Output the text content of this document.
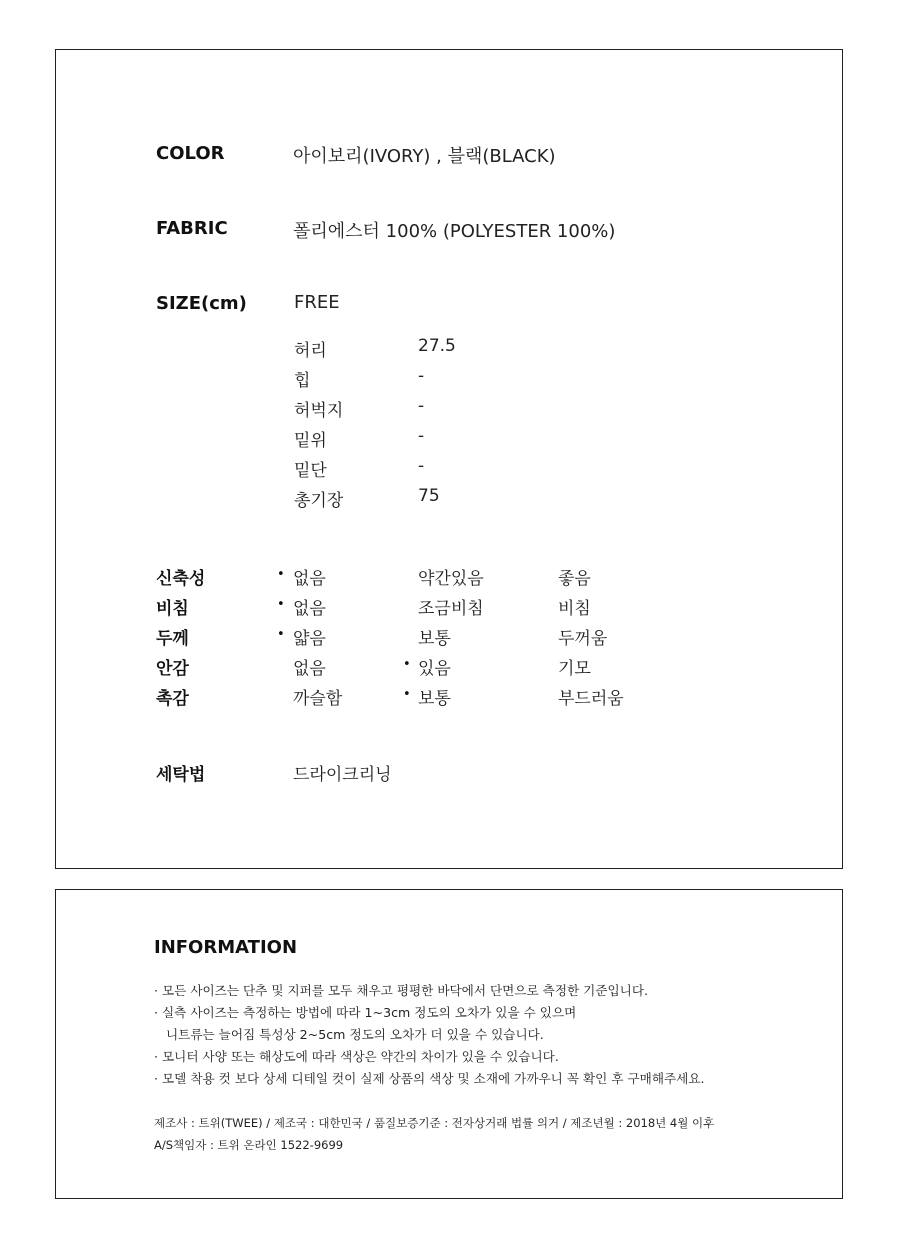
COLOR	아이보리(IVORY) , 블랙(BLACK)
FABRIC	폴리에스터 100% (POLYESTER 100%)
SIZE(cm)	FREE
허리	27.5
힙	-
허벅지	-
밑위	-
밑단	-
총기장	75
신축성	• 없음	약간있음	좋음
비침	• 없음	조금비침	비침
두께	• 얇음	보통	두꺼움
안감	없음	• 있음	기모
촉감	까슬함	• 보통	부드러움
세탁법	드라이크리닝
INFORMATION
· 모든 사이즈는 단추 및 지퍼를 모두 채우고 평평한 바닥에서 단면으로 측정한 기준입니다.
· 실측 사이즈는 측정하는 방법에 따라 1~3cm 정도의 오차가 있을 수 있으며
니트류는 늘어짐 특성상 2~5cm 정도의 오차가 더 있을 수 있습니다.
· 모니터 사양 또는 해상도에 따라 색상은 약간의 차이가 있을 수 있습니다.
· 모델 착용 컷 보다 상세 디테일 컷이 실제 상품의 색상 및 소재에 가까우니 꼭 확인 후 구매해주세요.
제조사 : 트위(TWEE) / 제조국 : 대한민국 / 품질보증기준 : 전자상거래 법률 의거 / 제조년월 : 2018년 4월 이후
A/S책임자 : 트위 온라인 1522-9699
